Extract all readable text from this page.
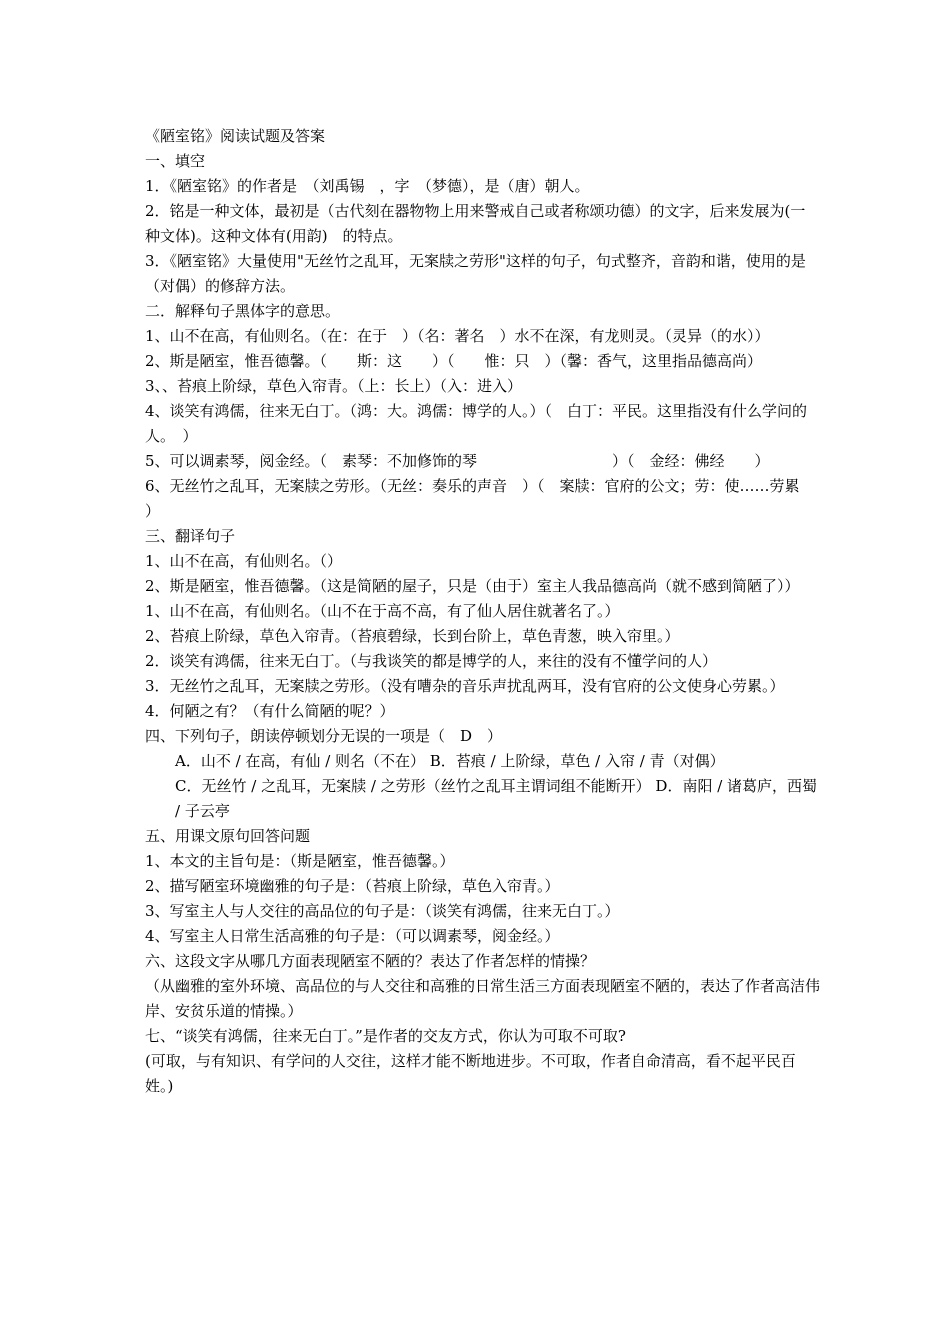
《陋室铭》阅读试题及答案

一、填空

1．《陋室铭》的作者是　（刘禹锡　，字　（梦德），是（唐）朝人。

2．铭是一种文体，最初是（古代刻在器物物上用来警戒自己或者称颂功德）的文字，后来发展为(一种文体)。这种文体有(用韵)　的特点。

3．《陋室铭》大量使用"无丝竹之乱耳，无案牍之劳形"这样的句子，句式整齐，音韵和谐，使用的是（对偶）的修辞方法。

二．解释句子黑体字的意思。

1、山不在高，有仙则名。（在：在于　）（名：著名　）水不在深，有龙则灵。（灵异（的水））

2、斯是陋室，惟吾德馨。（　　斯：这　　）（　　惟：只　）（馨：香气，这里指品德高尚）

3、、苔痕上阶绿，草色入帘青。（上：长上）（入：进入）

4、谈笑有鸿儒，往来无白丁。（鸿：大。鸿儒：博学的人。）（　白丁：平民。这里指没有什么学问的人。　）

5、可以调素琴，阅金经。（　素琴：不加修饰的琴　　　　　　　　　）（　金经：佛经　　）

6、无丝竹之乱耳，无案牍之劳形。（无丝：奏乐的声音　）（　案牍：官府的公文；劳：使……劳累　　）

三、翻译句子

1、山不在高，有仙则名。（）

2、斯是陋室，惟吾德馨。（这是简陋的屋子，只是（由于）室主人我品德高尚（就不感到简陋了））

1、山不在高，有仙则名。（山不在于高不高，有了仙人居住就著名了。）

2、苔痕上阶绿，草色入帘青。（苔痕碧绿，长到台阶上，草色青葱，映入帘里。）

2．谈笑有鸿儒，往来无白丁。（与我谈笑的都是博学的人，来往的没有不懂学问的人）

3．无丝竹之乱耳，无案牍之劳形。（没有嘈杂的音乐声扰乱两耳，没有官府的公文使身心劳累。）

4．何陋之有？（有什么简陋的呢？）

四、下列句子，朗读停顿划分无误的一项是（　D　）

A．山不 / 在高，有仙 / 则名（不在） B．苔痕 / 上阶绿，草色 / 入帘 / 青（对偶）

C．无丝竹 / 之乱耳，无案牍 / 之劳形（丝竹之乱耳主谓词组不能断开） D．南阳 / 诸葛庐，西蜀 / 子云亭

五、用课文原句回答问题

1、本文的主旨句是：（斯是陋室，惟吾德馨。）

2、描写陋室环境幽雅的句子是：（苔痕上阶绿，草色入帘青。）

3、写室主人与人交往的高品位的句子是：（谈笑有鸿儒，往来无白丁。）

4、写室主人日常生活高雅的句子是：（可以调素琴，阅金经。）

六、这段文字从哪几方面表现陋室不陋的？表达了作者怎样的情操？

（从幽雅的室外环境、高品位的与人交往和高雅的日常生活三方面表现陋室不陋的，表达了作者高洁伟岸、安贫乐道的情操。）

七、“谈笑有鸿儒，往来无白丁。”是作者的交友方式，你认为可取不可取?

(可取，与有知识、有学问的人交往，这样才能不断地进步。不可取，作者自命清高，看不起平民百姓。)
